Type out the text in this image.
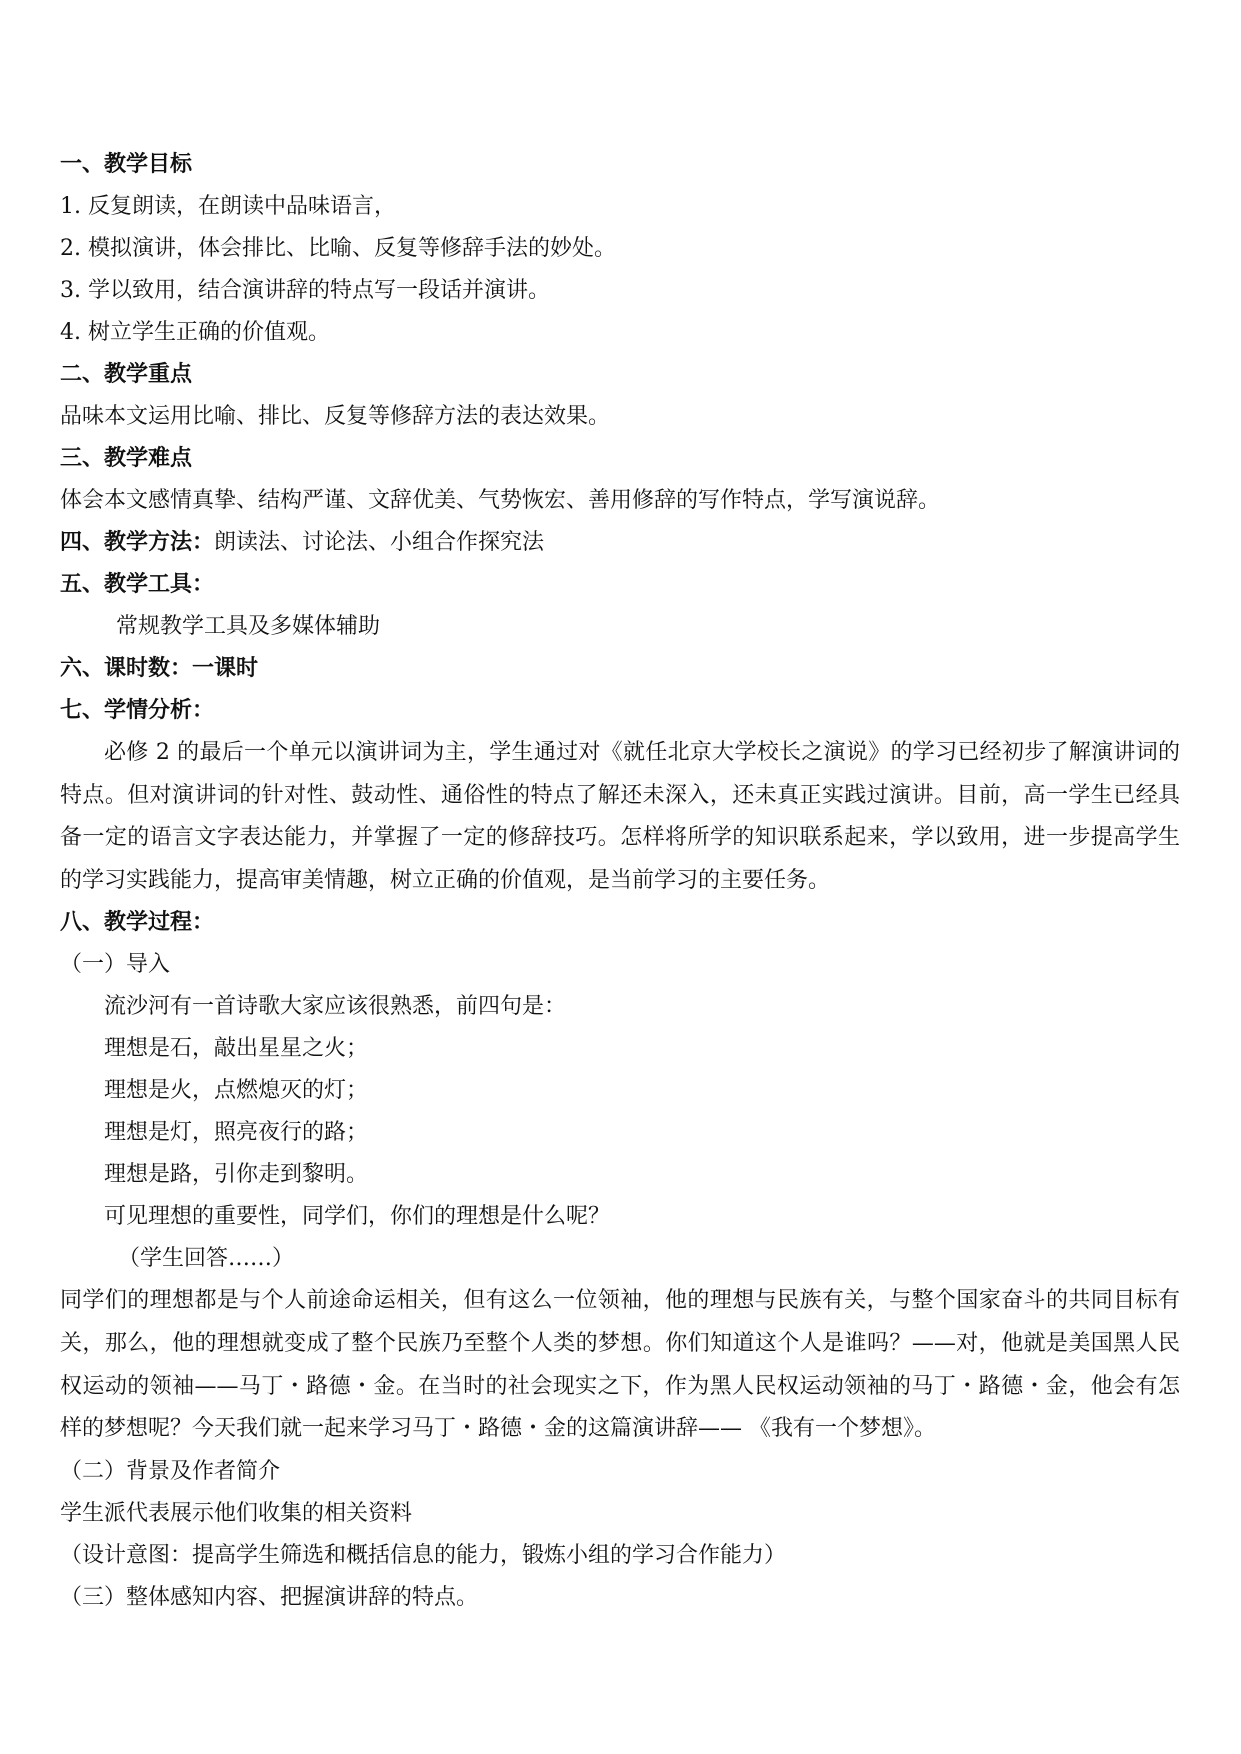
一、教学目标
1. 反复朗读，在朗读中品味语言，
2. 模拟演讲，体会排比、比喻、反复等修辞手法的妙处。
3. 学以致用，结合演讲辞的特点写一段话并演讲。
4. 树立学生正确的价值观。
二、教学重点
品味本文运用比喻、排比、反复等修辞方法的表达效果。
三、教学难点
体会本文感情真挚、结构严谨、文辞优美、气势恢宏、善用修辞的写作特点，学写演说辞。
四、教学方法：朗读法、讨论法、小组合作探究法
五、教学工具：
常规教学工具及多媒体辅助
六、课时数：一课时
七、学情分析：
必修 2 的最后一个单元以演讲词为主，学生通过对《就任北京大学校长之演说》的学习已经初步了解演讲词的特点。但对演讲词的针对性、鼓动性、通俗性的特点了解还未深入，还未真正实践过演讲。目前，高一学生已经具备一定的语言文字表达能力，并掌握了一定的修辞技巧。怎样将所学的知识联系起来，学以致用，进一步提高学生的学习实践能力，提高审美情趣，树立正确的价值观，是当前学习的主要任务。
八、教学过程：
（一）导入
流沙河有一首诗歌大家应该很熟悉，前四句是：
理想是石，敲出星星之火；
理想是火，点燃熄灭的灯；
理想是灯，照亮夜行的路；
理想是路，引你走到黎明。
可见理想的重要性，同学们，你们的理想是什么呢？
（学生回答……）
同学们的理想都是与个人前途命运相关，但有这么一位领袖，他的理想与民族有关，与整个国家奋斗的共同目标有关，那么，他的理想就变成了整个民族乃至整个人类的梦想。你们知道这个人是谁吗？——对，他就是美国黑人民权运动的领袖——马丁・路德・金。在当时的社会现实之下，作为黑人民权运动领袖的马丁・路德・金，他会有怎样的梦想呢？今天我们就一起来学习马丁・路德・金的这篇演讲辞—— 《我有一个梦想》。
（二）背景及作者简介
学生派代表展示他们收集的相关资料
（设计意图：提高学生筛选和概括信息的能力，锻炼小组的学习合作能力）
（三）整体感知内容、把握演讲辞的特点。
